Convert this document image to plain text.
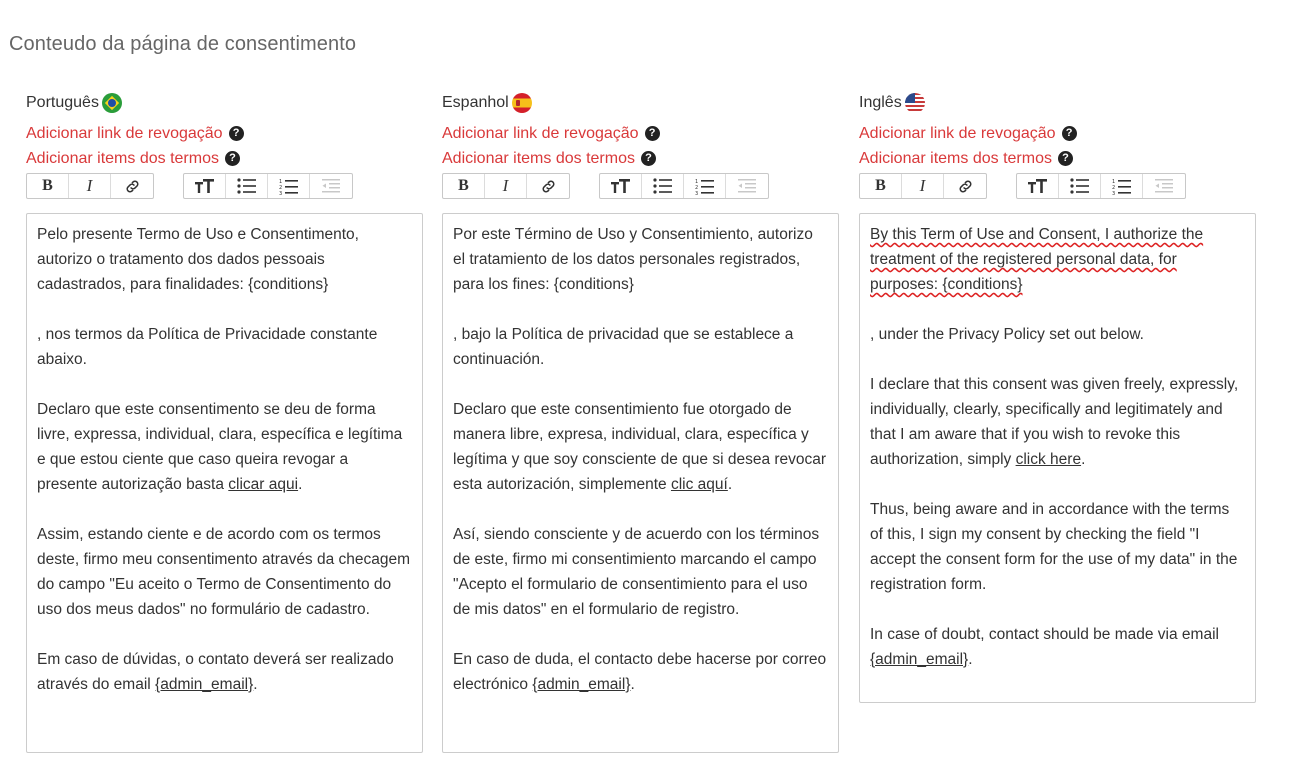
Conteudo da página de consentimento
Português
Adicionar link de revogação ?
Adicionar items dos termos ?
B	I	1
2
3
Pelo presente Termo de Uso e Consentimento, autorizo o tratamento dos dados pessoais cadastrados, para finalidades: {conditions}
, nos termos da Política de Privacidade constante abaixo.
Declaro que este consentimento se deu de forma livre, expressa, individual, clara, específica e legítima e que estou ciente que caso queira revogar a presente autorização basta clicar aqui.
Assim, estando ciente e de acordo com os termos deste, firmo meu consentimento através da checagem do campo "Eu aceito o Termo de Consentimento do uso dos meus dados" no formulário de cadastro.
Em caso de dúvidas, o contato deverá ser realizado através do email {admin_email}.
Espanhol
Adicionar link de revogação ?
Adicionar items dos termos ?
B	I	1
2
3
Por este Término de Uso y Consentimiento, autorizo el tratamiento de los datos personales registrados, para los fines: {conditions}
, bajo la Política de privacidad que se establece a continuación.
Declaro que este consentimiento fue otorgado de manera libre, expresa, individual, clara, específica y legítima y que soy consciente de que si desea revocar esta autorización, simplemente clic aquí.
Así, siendo consciente y de acuerdo con los términos de este, firmo mi consentimiento marcando el campo "Acepto el formulario de consentimiento para el uso de mis datos" en el formulario de registro.
En caso de duda, el contacto debe hacerse por correo electrónico {admin_email}.
Inglês
Adicionar link de revogação ?
Adicionar items dos termos ?
B	I	1
2
3
By this Term of Use and Consent, I authorize the treatment of the registered personal data, for purposes: {conditions}
, under the Privacy Policy set out below.
I declare that this consent was given freely, expressly, individually, clearly, specifically and legitimately and that I am aware that if you wish to revoke this authorization, simply click here.
Thus, being aware and in accordance with the terms of this, I sign my consent by checking the field "I accept the consent form for the use of my data" in the registration form.
In case of doubt, contact should be made via email {admin_email}.
